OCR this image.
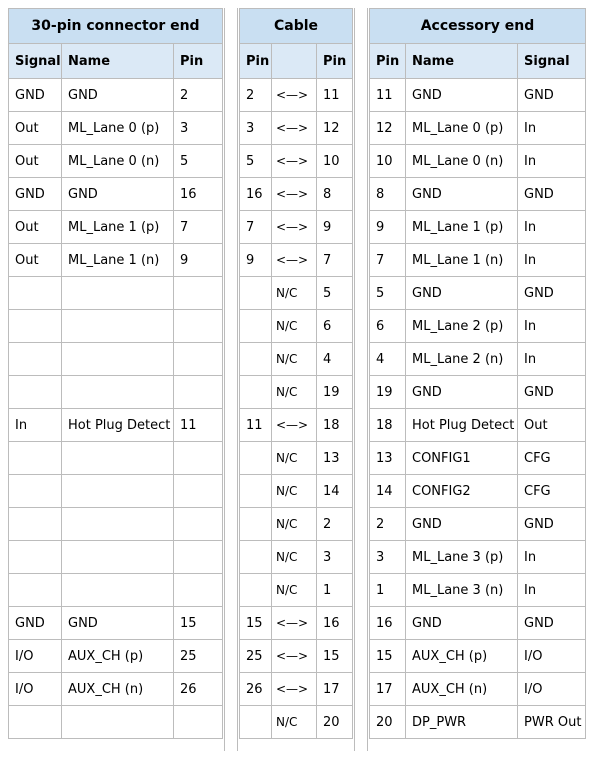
30-pin connector end		
Signal	Name	Pin
GND	GND	2
Out	ML_Lane 0 (p)	3
Out	ML_Lane 0 (n)	5
GND	GND	16
Out	ML_Lane 1 (p)	7
Out	ML_Lane 1 (n)	9

In	Hot Plug Detect	11

GND	GND	15
I/O	AUX_CH (p)	25
I/O	AUX_CH (n)	26

Cable		
Pin		Pin
2	<—>	11
3	<—>	12
5	<—>	10
16	<—>	8
7	<—>	9
9	<—>	7
	N/C	5
	N/C	6
	N/C	4
	N/C	19
11	<—>	18
	N/C	13
	N/C	14
	N/C	2
	N/C	3
	N/C	1
15	<—>	16
25	<—>	15
26	<—>	17
	N/C	20
Accessory end		
Pin	Name	Signal
11	GND	GND
12	ML_Lane 0 (p)	In
10	ML_Lane 0 (n)	In
8	GND	GND
9	ML_Lane 1 (p)	In
7	ML_Lane 1 (n)	In
5	GND	GND
6	ML_Lane 2 (p)	In
4	ML_Lane 2 (n)	In
19	GND	GND
18	Hot Plug Detect	Out
13	CONFIG1	CFG
14	CONFIG2	CFG
2	GND	GND
3	ML_Lane 3 (p)	In
1	ML_Lane 3 (n)	In
16	GND	GND
15	AUX_CH (p)	I/O
17	AUX_CH (n)	I/O
20	DP_PWR	PWR Out
